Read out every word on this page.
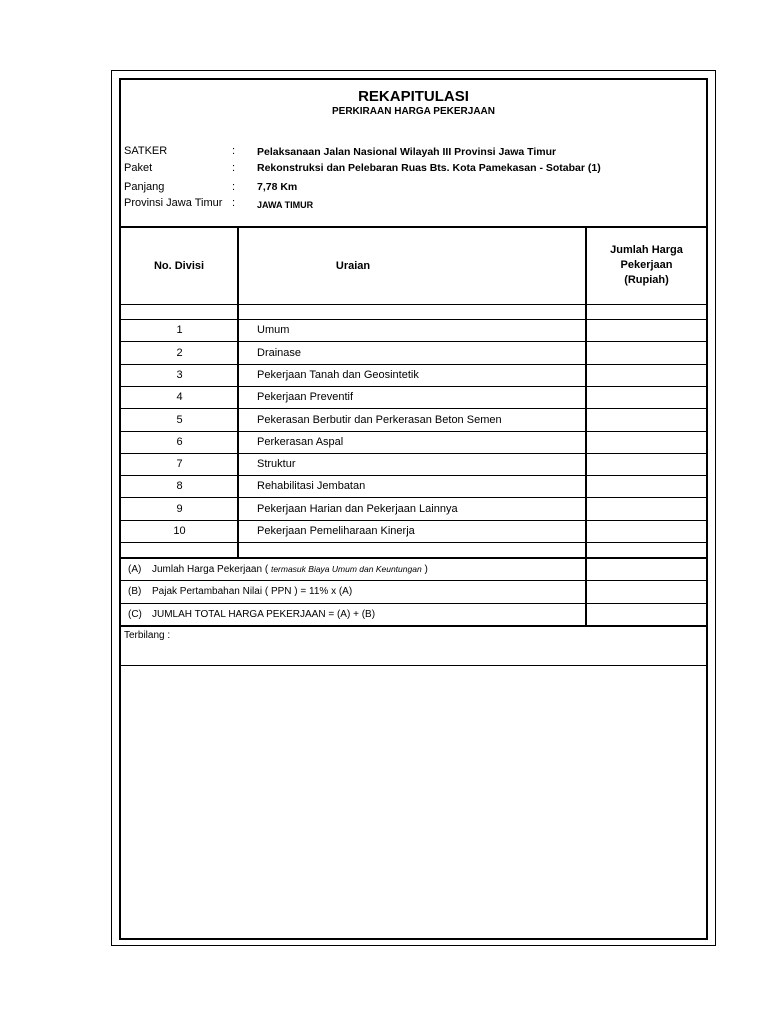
REKAPITULASI
PERKIRAAN HARGA PEKERJAAN
SATKER	: Pelaksanaan Jalan Nasional Wilayah III Provinsi Jawa Timur
Paket	: Rekonstruksi dan Pelebaran Ruas Bts. Kota Pamekasan - Sotabar (1)
Panjang	: 7,78 Km
Provinsi Jawa Timur : JAWA TIMUR
No. Divisi	Uraian
Jumlah Harga
Pekerjaan
(Rupiah)
1	Umum
2	Drainase
3	Pekerjaan Tanah dan Geosintetik
4	Pekerjaan Preventif
5	Pekerasan Berbutir dan Perkerasan Beton Semen
6	Perkerasan Aspal
7	Struktur
8	Rehabilitasi Jembatan
9	Pekerjaan Harian dan Pekerjaan Lainnya
10	Pekerjaan Pemeliharaan Kinerja
(A) Jumlah Harga Pekerjaan ( termasuk Biaya Umum dan Keuntungan )
(B) Pajak Pertambahan Nilai ( PPN ) = 11% x (A)
(C) JUMLAH TOTAL HARGA PEKERJAAN = (A) + (B)
Terbilang :
